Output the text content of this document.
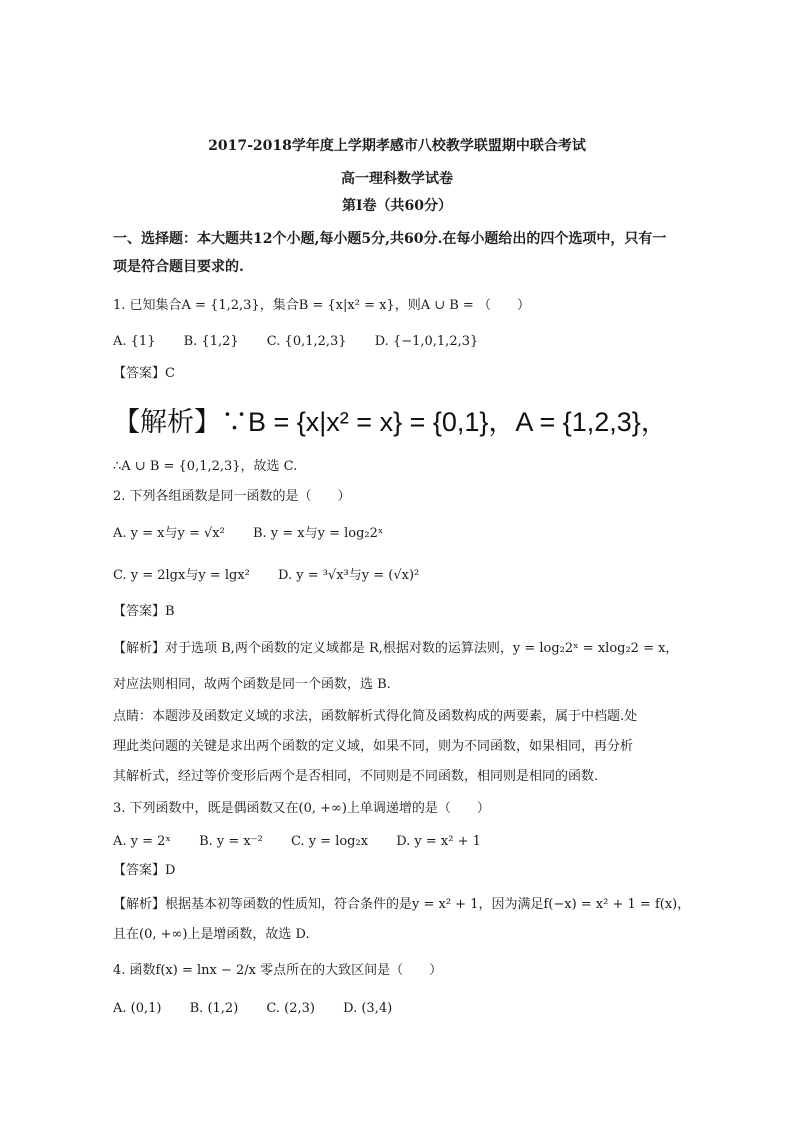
2017-2018学年度上学期孝感市八校教学联盟期中联合考试
高一理科数学试卷
第Ⅰ卷（共60分）
一、选择题：本大题共12个小题,每小题5分,共60分.在每小题给出的四个选项中，只有一
项是符合题目要求的.
1. 已知集合A = {1,2,3}，集合B = {x|x² = x}，则A ∪ B = （　　）
A. {1} B. {1,2} C. {0,1,2,3} D. {−1,0,1,2,3}
【答案】C
【解析】∵B = {x|x² = x} = {0,1}，A = {1,2,3}，
∴A ∪ B = {0,1,2,3}，故选 C.
2. 下列各组函数是同一函数的是（　　）
A. y = x与y = √x² B. y = x与y = log₂2ˣ
C. y = 2lgx与y = lgx² D. y = ³√x³与y = (√x)²
【答案】B
【解析】对于选项 B,两个函数的定义域都是 R,根据对数的运算法则，y = log₂2ˣ = xlog₂2 = x，
对应法则相同，故两个函数是同一个函数，选 B.
点睛：本题涉及函数定义域的求法，函数解析式得化简及函数构成的两要素，属于中档题.处
理此类问题的关键是求出两个函数的定义域，如果不同，则为不同函数，如果相同，再分析
其解析式，经过等价变形后两个是否相同，不同则是不同函数，相同则是相同的函数.
3. 下列函数中，既是偶函数又在(0, +∞)上单调递增的是（　　）
A. y = 2ˣ B. y = x⁻² C. y = log₂x D. y = x² + 1
【答案】D
【解析】根据基本初等函数的性质知，符合条件的是y = x² + 1，因为满足f(−x) = x² + 1 = f(x)，
且在(0, +∞)上是增函数，故选 D.
4. 函数f(x) = lnx − 2/x 零点所在的大致区间是（　　）
A. (0,1) B. (1,2) C. (2,3) D. (3,4)
